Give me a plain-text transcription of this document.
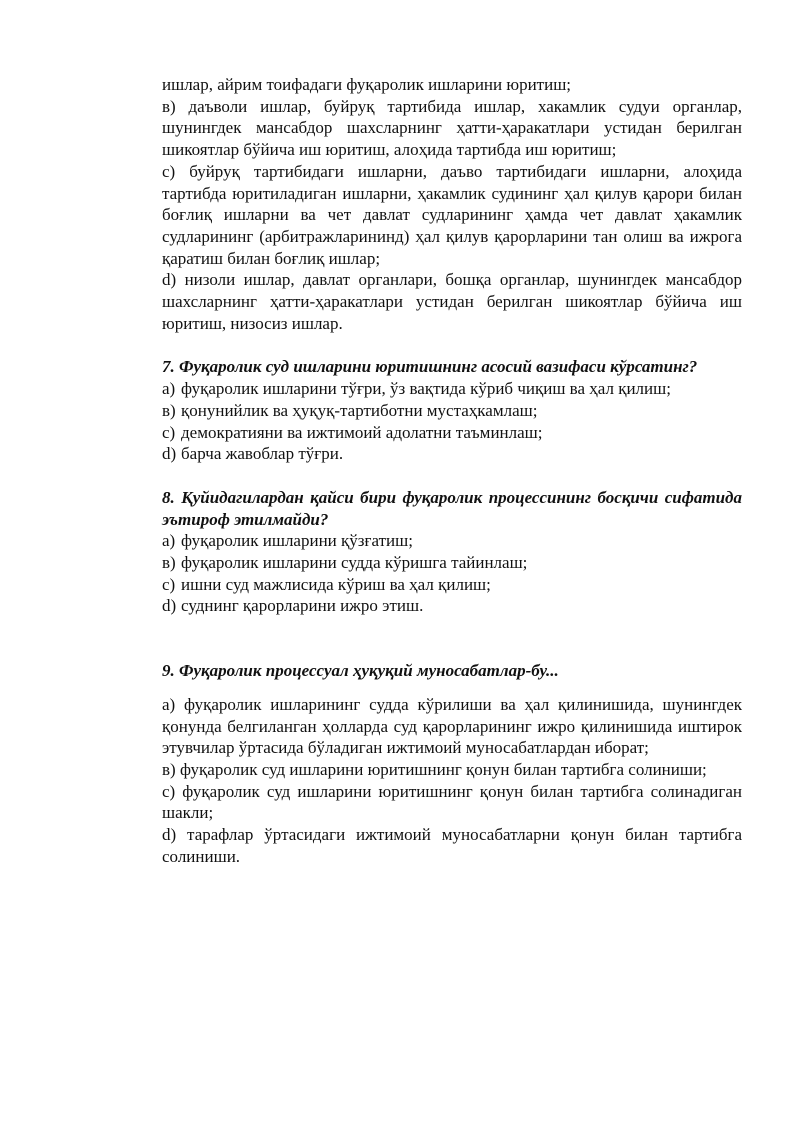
ишлар, айрим тоифадаги фуқаролик ишларини юритиш;

в) даъволи ишлар, буйруқ тартибида ишлар, хакамлик судуи органлар, шунингдек мансабдор шахсларнинг ҳатти-ҳаракатлари устидан берилган шикоятлар бўйича иш юритиш, алоҳида тартибда иш юритиш;

c) буйруқ тартибидаги ишларни, даъво тартибидаги ишларни, алоҳида тартибда юритиладиган ишларни, ҳакамлик судининг ҳал қилув қарори билан боғлиқ ишларни ва чет давлат судларининг ҳамда чет давлат ҳакамлик судларининг (арбитражларининд) ҳал қилув қарорларини тан олиш ва ижрога қаратиш билан боғлиқ ишлар;

d) низоли ишлар, давлат органлари, бошқа органлар, шунингдек мансабдор шахсларнинг ҳатти-ҳаракатлари устидан берилган шикоятлар бўйича иш юритиш, низосиз ишлар.

7. Фуқаролик суд ишларини юритишнинг асосий вазифаси кўрсатинг?

a) фуқаролик ишларини тўғри, ўз вақтида кўриб чиқиш ва ҳал қилиш;

в) қонунийлик ва ҳуқуқ-тартиботни мустаҳкамлаш;

c) демократияни ва ижтимоий адолатни таъминлаш;

d) барча жавоблар тўғри.

8. Қуйидагилардан қайси бири фуқаролик процессининг босқичи сифатида эътироф этилмайди?

a) фуқаролик ишларини қўзғатиш;

в) фуқаролик ишларини судда кўришга тайинлаш;

c) ишни суд мажлисида кўриш ва ҳал қилиш;

d) суднинг қарорларини ижро этиш.

9. Фуқаролик процессуал ҳуқуқий муносабатлар-бу...

a) фуқаролик ишларининг судда кўрилиши ва ҳал қилинишида, шунингдек қонунда белгиланган ҳолларда суд қарорларининг ижро қилинишида иштирок этувчилар ўртасида бўладиган ижтимоий муносабатлардан иборат;

в) фуқаролик суд ишларини юритишнинг қонун билан тартибга солиниши;

c) фуқаролик суд ишларини юритишнинг қонун билан тартибга солинадиган шакли;

d) тарафлар ўртасидаги ижтимоий муносабатларни қонун билан тартибга солиниши.
